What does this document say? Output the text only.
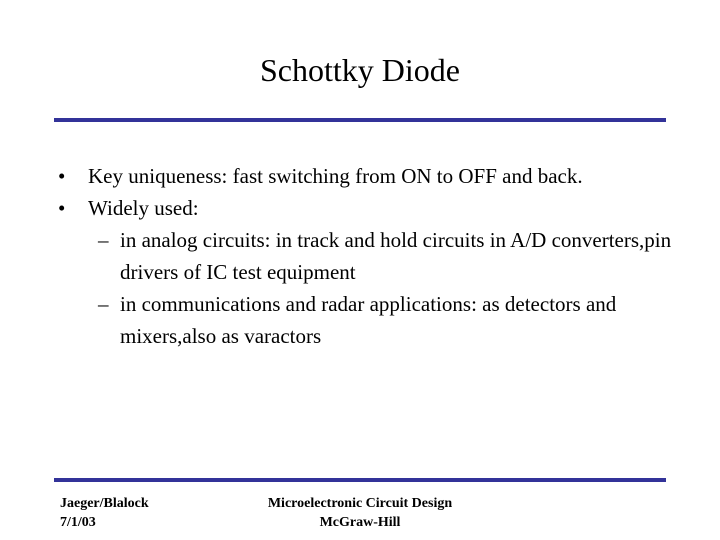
Schottky Diode
• Key uniqueness: fast switching from ON to OFF and back.
• Widely used:
– in analog circuits: in track and hold circuits in A/D converters,pin drivers of IC test equipment
– in communications and radar applications: as detectors and mixers,also as varactors
Jaeger/Blalock
7/1/03
Microelectronic Circuit Design
McGraw-Hill
